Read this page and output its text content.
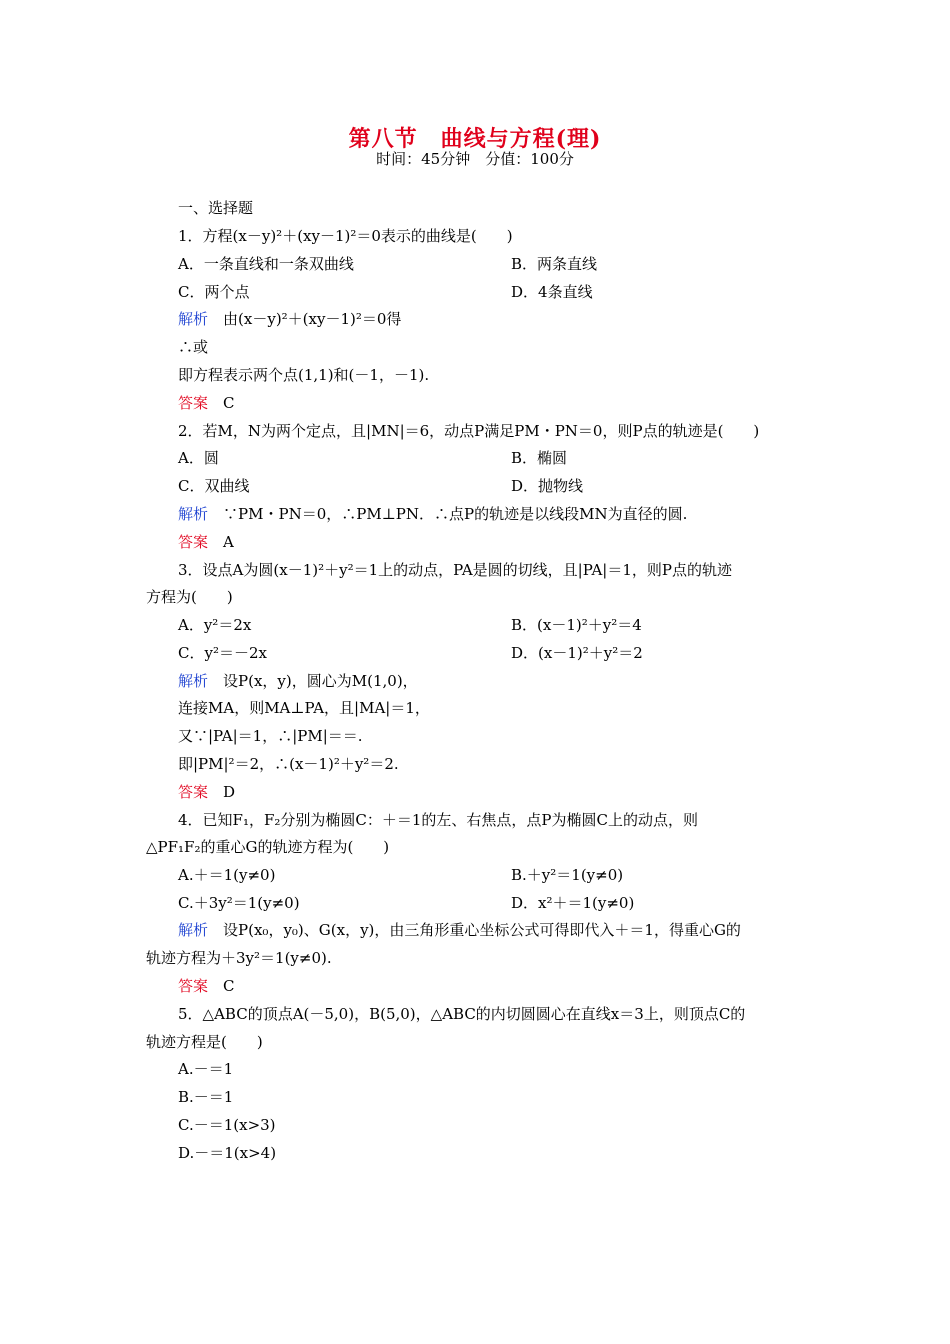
第八节　曲线与方程(理)
时间：45分钟　分值：100分
一、选择题
1．方程(x－y)²＋(xy－1)²＝0表示的曲线是(　　)
A．一条直线和一条双曲线	B．两条直线
C．两个点	D．4条直线
解析　 由(x－y)²＋(xy－1)²＝0得
∴或
即方程表示两个点(1,1)和(－1，－1).
答案　 C
2．若M，N为两个定点，且|MN|＝6，动点P满足PM・PN＝0，则P点的轨迹是(　　)
A．圆	B．椭圆
C．双曲线	D．抛物线
解析　 ∵PM・PN＝0，∴PM⊥PN．∴点P的轨迹是以线段MN为直径的圆.
答案　 A
3．设点A为圆(x－1)²＋y²＝1上的动点，PA是圆的切线，且|PA|＝1，则P点的轨迹
方程为(　　)
A．y²＝2x	B．(x－1)²＋y²＝4
C．y²＝－2x	D．(x－1)²＋y²＝2
解析　 设P(x，y)，圆心为M(1,0)，
连接MA，则MA⊥PA，且|MA|＝1，
又∵|PA|＝1，∴|PM|＝＝.
即|PM|²＝2，∴(x－1)²＋y²＝2.
答案　 D
4．已知F₁，F₂分别为椭圆C：＋＝1的左、右焦点，点P为椭圆C上的动点，则
△PF₁F₂的重心G的轨迹方程为(　　)
A.＋＝1(y≠0)	B.＋y²＝1(y≠0)
C.＋3y²＝1(y≠0)	D．x²＋＝1(y≠0)
解析　 设P(x₀，y₀)、G(x，y)，由三角形重心坐标公式可得即代入＋＝1，得重心G的
轨迹方程为＋3y²＝1(y≠0).
答案　 C
5．△ABC的顶点A(－5,0)，B(5,0)，△ABC的内切圆圆心在直线x＝3上，则顶点C的
轨迹方程是(　　)
A.－＝1
B.－＝1
C.－＝1(x>3)
D.－＝1(x>4)
